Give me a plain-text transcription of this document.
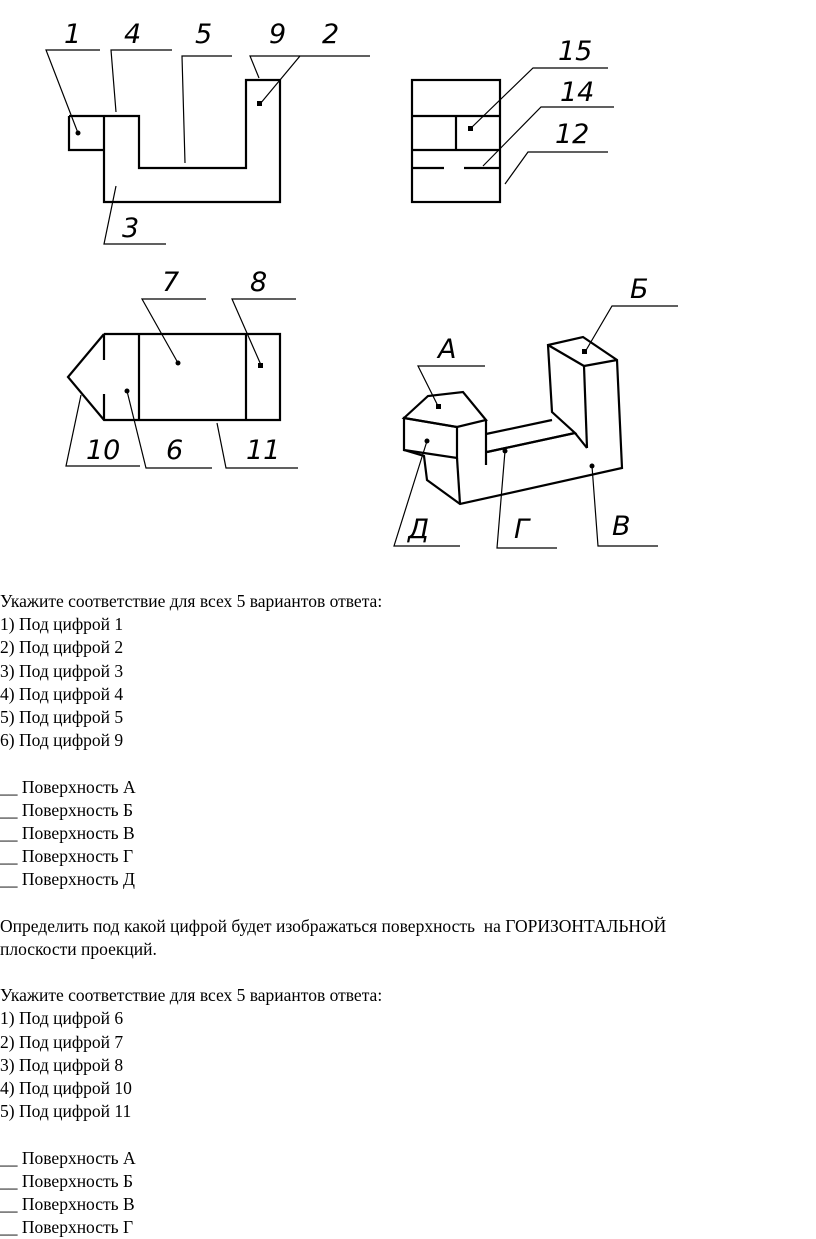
1 4 5 9 2
3
15
14
12
7	8
10 6 11
А
Б
Д	Г	В
Укажите соответствие для всех 5 вариантов ответа:
1) Под цифрой 1
2) Под цифрой 2
3) Под цифрой 3
4) Под цифрой 4
5) Под цифрой 5
6) Под цифрой 9
__ Поверхность А
__ Поверхность Б
__ Поверхность В
__ Поверхность Г
__ Поверхность Д
Определить под какой цифрой будет изображаться поверхность  на ГОРИЗОНТАЛЬНОЙ
плоскости проекций.
Укажите соответствие для всех 5 вариантов ответа:
1) Под цифрой 6
2) Под цифрой 7
3) Под цифрой 8
4) Под цифрой 10
5) Под цифрой 11
__ Поверхность А
__ Поверхность Б
__ Поверхность В
__ Поверхность Г
